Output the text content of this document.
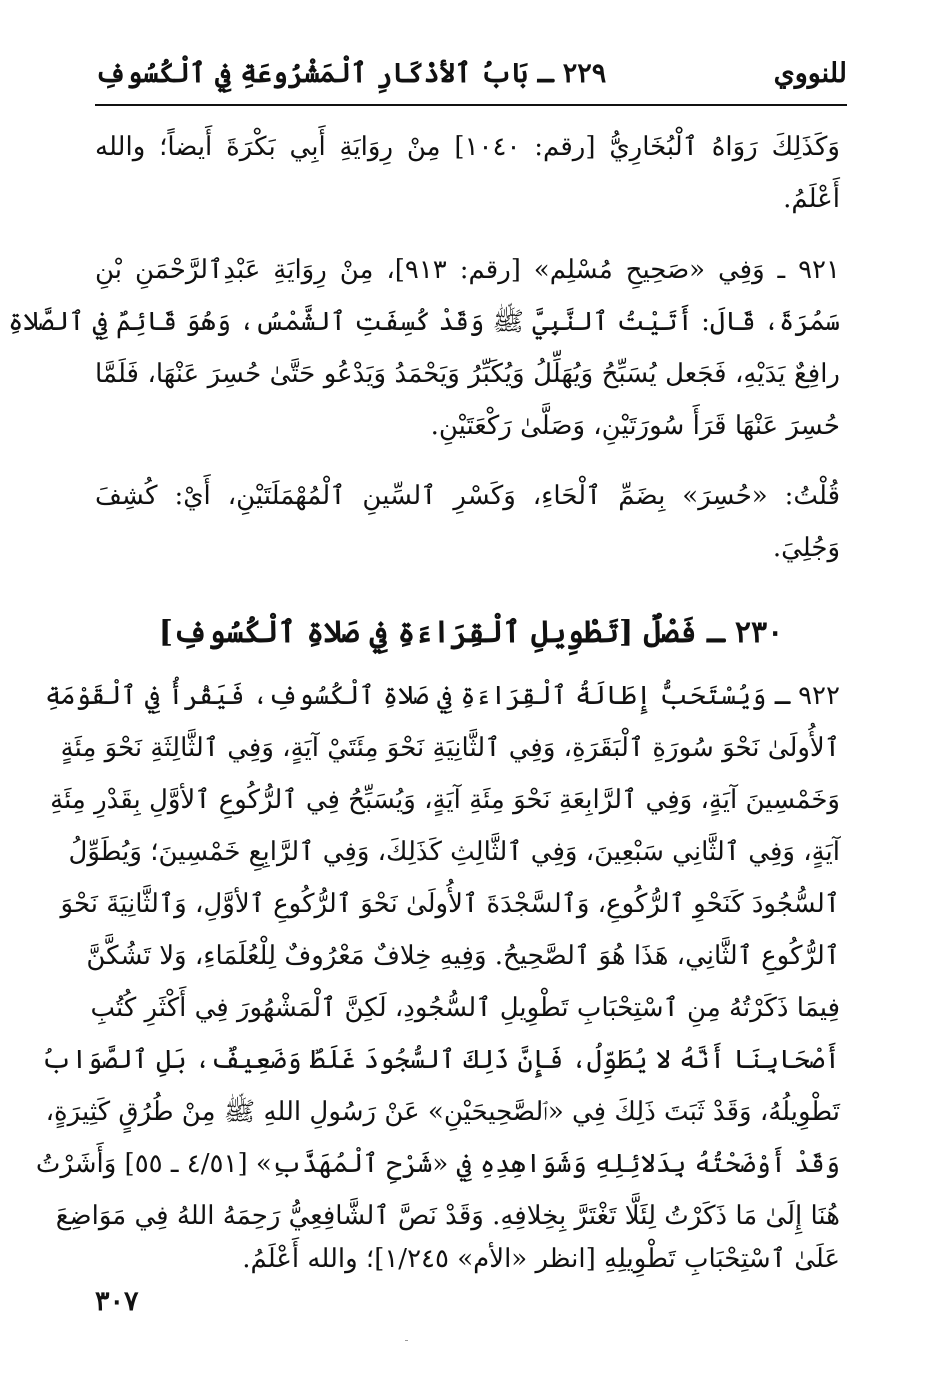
للنووي
٢٢٩ ـ بَابُ ٱلأذْكَارِ ٱلْمَشْرُوعَةِ فِي ٱلْكُسُوفِ
وَكَذَلِكَ رَوَاهُ ٱلْبُخَارِيُّ [رقم: ١٠٤٠] مِنْ رِوَايَةِ أَبِي بَكْرَةَ أَيضاً؛ والله
أَعْلَمُ.
٩٢١ ـ وَفِي «صَحِيحِ مُسْلِم» [رقم: ٩١٣]، مِنْ رِوَايَةِ عَبْدِٱلرَّحْمَنِ بْنِ
سَمُرَةَ، قَالَ: أَتَيْتُ ٱلنَّبِيَّ ﷺ وَقَدْ كُسِفَتِ ٱلشَّمْسُ، وَهُوَ قَائِمٌ فِي ٱلصَّلاةِ
رافِعٌ يَدَيْهِ، فَجَعل يُسَبِّحُ وَيُهَلِّلُ وَيُكَبِّرُ وَيَحْمَدُ وَيَدْعُو حَتَّىٰ حُسِرَ عَنْهَا، فَلَمَّا
حُسِرَ عَنْهَا قَرَأَ سُورَتَيْنِ، وَصَلَّىٰ رَكْعَتَيْنِ.
قُلْتُ: «حُسِرَ» بِضَمِّ ٱلْحَاءِ، وَكَسْرِ ٱلسِّينِ ٱلْمُهْمَلَتَيْنِ، أَيْ: كُشِفَ
وَجُلِيَ.
٢٣٠ ـ فَصْلٌ [تَطْوِيلِ ٱلْقِرَاءَةِ فِي صَلاةِ ٱلْكُسُوفِ]
٩٢٢ ـ وَيُسْتَحَبُّ إِطَالَةُ ٱلْقِرَاءَةِ فِي صَلاةِ ٱلْكُسُوفِ، فَيَقْرأُ فِي ٱلْقَوْمَةِ
ٱلأُولَىٰ نَحْوَ سُورَةِ ٱلْبَقَرَةِ، وَفِي ٱلثَّانِيَةِ نَحْوَ مِئَتَيْ آيَةٍ، وَفِي ٱلثَّالِثَةِ نَحْوَ مِئَةٍ
وَخَمْسِينَ آيَةٍ، وَفِي ٱلرَّابِعَةِ نَحْوَ مِئَةِ آيَةٍ، وَيُسَبِّحُ فِي ٱلرُّكُوعِ ٱلأوَّلِ بِقَدْرِ مِئَةِ
آيَةٍ، وَفِي ٱلثَّانِي سَبْعِينَ، وَفِي ٱلثَّالِثِ كَذَلِكَ، وَفِي ٱلرَّابِعِ خَمْسِينَ؛ وَيُطَوِّلُ
ٱلسُّجُودَ كَنَحْوِ ٱلرُّكُوعِ، وَٱلسَّجْدَةَ ٱلأُولَىٰ نَحْوَ ٱلرُّكُوعِ ٱلأوَّلِ، وَٱلثَّانِيَةَ نَحْوَ
ٱلرُّكُوعِ ٱلثَّانِي، هَذَا هُوَ ٱلصَّحِيحُ. وَفِيهِ خِلافٌ مَعْرُوفٌ لِلْعُلَمَاءِ، وَلا تَشُكَّنَّ
فِيمَا ذَكَرْتُهُ مِنِ ٱسْتِحْبَابِ تَطْوِيلِ ٱلسُّجُودِ، لَكِنَّ ٱلْمَشْهُورَ فِي أَكْثَرِ كُتُبِ
أَصْحَابِنَا أَنَّهُ لا يُطَوِّلُ، فَإِنَّ ذَلِكَ ٱلسُّجُودَ غَلَطٌ وَضَعِيفٌ، بَلِ ٱلصَّوَابُ
تَطْوِيلُهُ، وَقَدْ ثَبَتَ ذَلِكَ فِي «ٱلصَّحِيحَيْنِ» عَنْ رَسُولِ اللهِ ﷺ مِنْ طُرُقٍ كَثِيرَةٍ،
وَقَدْ أَوْضَحْتُهُ بِدَلائِلِهِ وَشَوَاهِدِهِ فِي «شَرْحِ ٱلْمُهَذَّبِ» [٤/٥١ ـ ٥٥] وَأَشَرْتُ
هُنَا إِلَىٰ مَا ذَكَرْتُ لِئَلَّا تَغْتَرَّ بِخِلافِهِ. وَقَدْ نَصَّ ٱلشَّافِعِيُّ رَحِمَهُ اللهُ فِي مَوَاضِعَ
عَلَىٰ ٱسْتِحْبَابِ تَطْوِيلِهِ [انظر «الأم» ١/٢٤٥]؛ والله أَعْلَمُ.
٣٠٧
